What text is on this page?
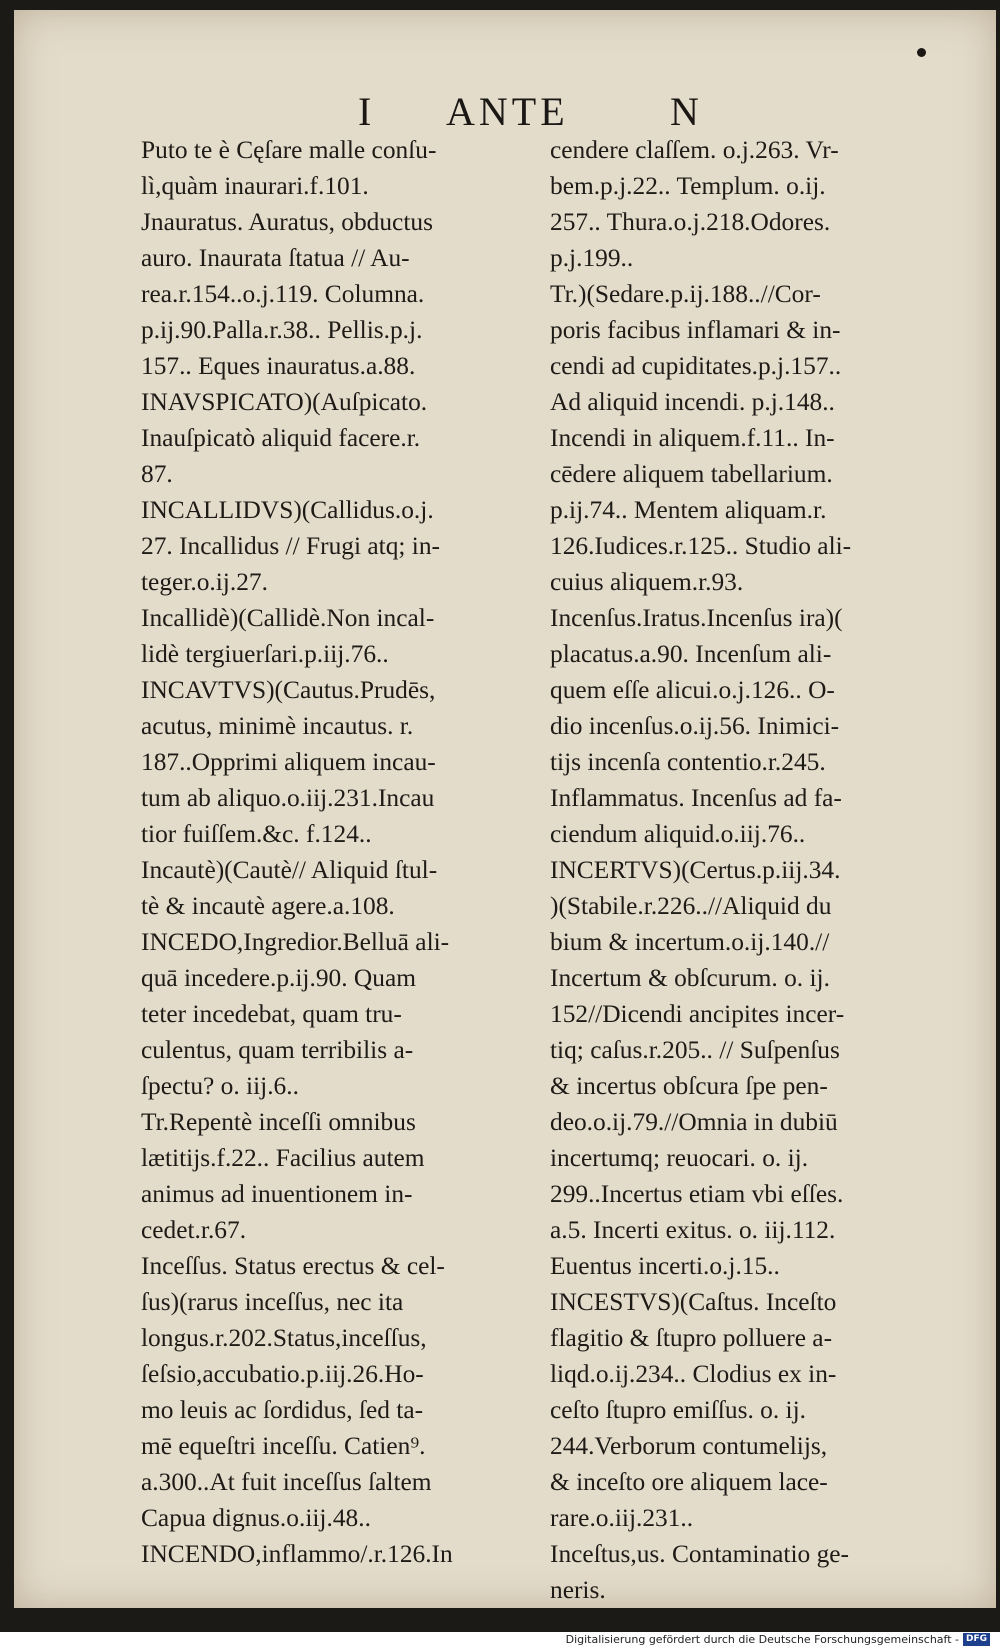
I ANTE	N
Puto te è Cęſare malle conſu-
lì,quàm inaurari.f.101.
Jnauratus. Auratus, obductus
auro. Inaurata ſtatua // Au-
rea.r.154..o.j.119. Columna.
p.ij.90.Palla.r.38.. Pellis.p.j.
157.. Eques inauratus.a.88.
INAVSPICATO)(Auſpicato.
Inauſpicatò aliquid facere.r.
87.
INCALLIDVS)(Callidus.o.j.
27. Incallidus // Frugi atq; in-
teger.o.ij.27.
Incallidè)(Callidè.Non incal-
lidè tergiuerſari.p.iij.76..
INCAVTVS)(Cautus.Prudēs,
acutus, minimè incautus. r.
187..Opprimi aliquem incau-
tum ab aliquo.o.iij.231.Incau
tior fuiſſem.&c. f.124..
Incautè)(Cautè// Aliquid ſtul-
tè & incautè agere.a.108.
INCEDO,Ingredior.Belluā ali-
quā incedere.p.ij.90. Quam
teter incedebat, quam tru-
culentus, quam terribilis a-
ſpectu? o. iij.6..
Tr.Repentè inceſſi omnibus
lætitijs.f.22.. Facilius autem
animus ad inuentionem in-
cedet.r.67.
Inceſſus. Status erectus & cel-
ſus)(rarus inceſſus, nec ita
longus.r.202.Status,inceſſus,
ſeſsio,accubatio.p.iij.26.Ho-
mo leuis ac ſordidus, ſed ta-
mē equeſtri inceſſu. Catien⁹.
a.300..At fuit inceſſus ſaltem
Capua dignus.o.iij.48..
INCENDO,inflammo/.r.126.In
cendere claſſem. o.j.263. Vr-
bem.p.j.22.. Templum. o.ij.
257.. Thura.o.j.218.Odores.
p.j.199..
Tr.)(Sedare.p.ij.188..//Cor-
poris facibus inflamari & in-
cendi ad cupiditates.p.j.157..
Ad aliquid incendi. p.j.148..
Incendi in aliquem.f.11.. In-
cēdere aliquem tabellarium.
p.ij.74.. Mentem aliquam.r.
126.Iudices.r.125.. Studio ali-
cuius aliquem.r.93.
Incenſus.Iratus.Incenſus ira)(
placatus.a.90. Incenſum ali-
quem eſſe alicui.o.j.126.. O-
dio incenſus.o.ij.56. Inimici-
tijs incenſa contentio.r.245.
Inflammatus. Incenſus ad fa-
ciendum aliquid.o.iij.76..
INCERTVS)(Certus.p.iij.34.
)(Stabile.r.226..//Aliquid du
bium & incertum.o.ij.140.//
Incertum & obſcurum. o. ij.
152//Dicendi ancipites incer-
tiq; caſus.r.205.. // Suſpenſus
& incertus obſcura ſpe pen-
deo.o.ij.79.//Omnia in dubiū
incertumq; reuocari. o. ij.
299..Incertus etiam vbi eſſes.
a.5. Incerti exitus. o. iij.112.
Euentus incerti.o.j.15..
INCESTVS)(Caſtus. Inceſto
flagitio & ſtupro polluere a-
liqd.o.ij.234.. Clodius ex in-
ceſto ſtupro emiſſus. o. ij.
244.Verborum contumelijs,
& inceſto ore aliquem lace-
rare.o.iij.231..
Inceſtus,us. Contaminatio ge-
neris.
Digitalisierung gefördert durch die Deutsche Forschungsgemeinschaft - DFG
